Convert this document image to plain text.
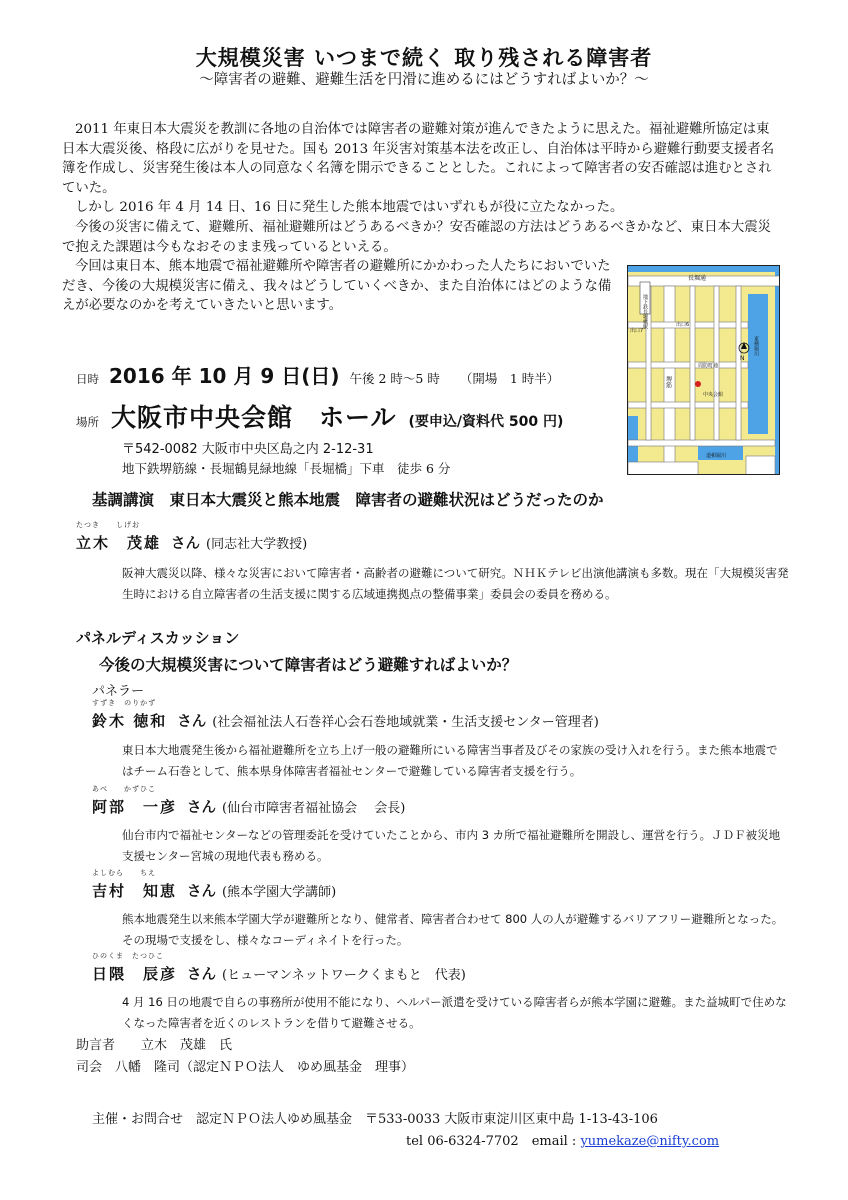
大規模災害 いつまで続く 取り残される障害者
～障害者の避難、避難生活を円滑に進めるにはどうすればよいか？～

2011 年東日本大震災を教訓に各地の自治体では障害者の避難対策が進んできたように思えた。福祉避難所協定は東日本大震災後、格段に広がりを見せた。国も 2013 年災害対策基本法を改正し、自治体は平時から避難行動要支援者名簿を作成し、災害発生後は本人の同意なく名簿を開示できることとした。これによって障害者の安否確認は進むとされていた。

しかし 2016 年 4 月 14 日、16 日に発生した熊本地震ではいずれもが役に立たなかった。

今後の災害に備えて、避難所、福祉避難所はどうあるべきか？安否確認の方法はどうあるべきかなど、東日本大震災で抱えた課題は今もなおそのまま残っているといえる。

今回は東日本、熊本地震で福祉避難所や障害者の避難所にかかわった人たちにおいでいただき、今後の大規模災害に備え、我々はどうしていくべきか、また自治体にはどのような備えが必要なのかを考えていきたいと思います。

長堀通
地下鉄長堀橋駅
出口7
出口6
堺筋
東横堀川
周防町通
中央会館
N
道頓堀川
日時 2016 年 10 月 9 日(日) 午後 2 時～5 時 （開場　1 時半）
場所 大阪市中央会館　ホール (要申込/資料代 500 円)
〒542-0082 大阪市中央区島之内 2-12-31
地下鉄堺筋線・長堀鶴見緑地線「長堀橋」下車　徒歩 6 分
基調講演　東日本大震災と熊本地震　障害者の避難状況はどうだったのか
たつき　　しげお
立木　茂雄 さん (同志社大学教授)
阪神大震災以降、様々な災害において障害者・高齢者の避難について研究。ＮＨＫテレビ出演他講演も多数。現在「大規模災害発生時における自立障害者の生活支援に関する広域連携拠点の整備事業」委員会の委員を務める。
パネルディスカッション
今後の大規模災害について障害者はどう避難すればよいか？
パネラー
すずき　のりかず
鈴木 徳和 さん (社会福祉法人石巻祥心会石巻地域就業・生活支援センター管理者)
東日本大地震発生後から福祉避難所を立ち上げ一般の避難所にいる障害当事者及びその家族の受け入れを行う。また熊本地震ではチーム石巻として、熊本県身体障害者福祉センターで避難している障害者支援を行う。
あべ　　かずひこ
阿部　一彦 さん (仙台市障害者福祉協会　 会長)
仙台市内で福祉センターなどの管理委託を受けていたことから、市内 3 カ所で福祉避難所を開設し、運営を行う。ＪＤＦ被災地支援センター宮城の現地代表も務める。
よしむら　　ちえ
吉村　知恵 さん (熊本学園大学講師)
熊本地震発生以来熊本学園大学が避難所となり、健常者、障害者合わせて 800 人の人が避難するバリアフリー避難所となった。その現場で支援をし、様々なコーディネイトを行った。
ひのくま　たつひこ
日隈　辰彦 さん (ヒューマンネットワークくまもと　代表)
4 月 16 日の地震で自らの事務所が使用不能になり、ヘルパー派遣を受けている障害者らが熊本学園に避難。また益城町で住めなくなった障害者を近くのレストランを借りて避難させる。
助言者　　立木　茂雄　氏
司会　八幡　隆司（認定ＮＰＯ法人　ゆめ風基金　理事）
主催・お問合せ　認定ＮＰＯ法人ゆめ風基金　〒533-0033 大阪市東淀川区東中島 1-13-43-106
tel 06-6324-7702　email : yumekaze@nifty.com
